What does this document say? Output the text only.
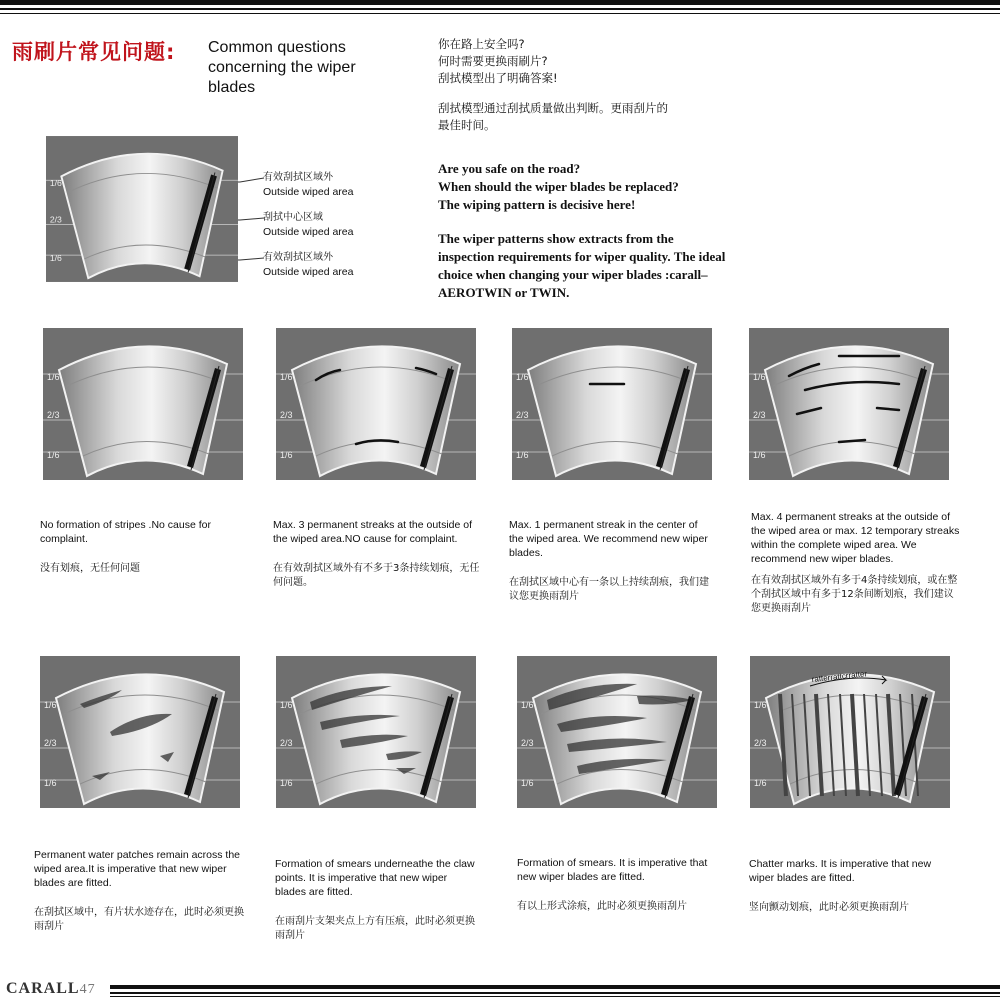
雨刷片常见问题: Common questions concerning the wiper blades
你在路上安全吗?
何时需要更换雨刷片?
刮拭模型出了明确答案!
刮拭模型通过刮拭质量做出判断。更雨刮片的
最佳时间。
Are you safe on the road?
When should the wiper blades be replaced?
The wiping pattern is decisive here!
The wiper patterns show extracts from the
inspection requirements for wiper quality. The ideal
choice when changing your wiper blades :carall–
AEROTWIN or TWIN.
有效刮拭区域外
Outside wiped area
刮拭中心区域
Outside wiped area
有效刮拭区域外
Outside wiped area
1/6
2/3
1/6
1/6
2/3
1/6
1/6
2/3
1/6
1/6
2/3
1/6
1/6
2/3
1/6
1/6
2/3
1/6
1/6
2/3
1/6
1/6
2/3
1/6
ratterrattcrratter
1/6
2/3
1/6
No formation of stripes .No cause for complaint.
没有划痕，无任何问题
Max. 3 permanent streaks at the outside of the wiped area.NO cause for complaint.
在有效刮拭区域外有不多于3条持续划痕，无任何问题。
Max. 1 permanent streak in the center of the wiped area. We recommend new wiper blades.
在刮拭区域中心有一条以上持续刮痕，我们建议您更换雨刮片
Max. 4 permanent streaks at the outside of the wiped area or max. 12 temporary streaks within the complete wiped area. We recommend new wiper blades.
在有效刮拭区域外有多于4条持续划痕，或在整个刮拭区域中有多于12条间断划痕，我们建议您更换雨刮片
Permanent water patches remain across the wiped area.It is imperative that new wiper blades are fitted.
在刮拭区域中，有片状水迹存在，此时必须更换雨刮片
Formation of smears underneathe the claw points. It is imperative that new wiper blades are fitted.
在雨刮片支架夹点上方有压痕，此时必须更换雨刮片
Formation of smears. It is imperative that new wiper blades are fitted.
有以上形式涂痕，此时必须更换雨刮片
Chatter marks. It is imperative that new wiper blades are fitted.
竖向颤动划痕，此时必须更换雨刮片
CARALL47
